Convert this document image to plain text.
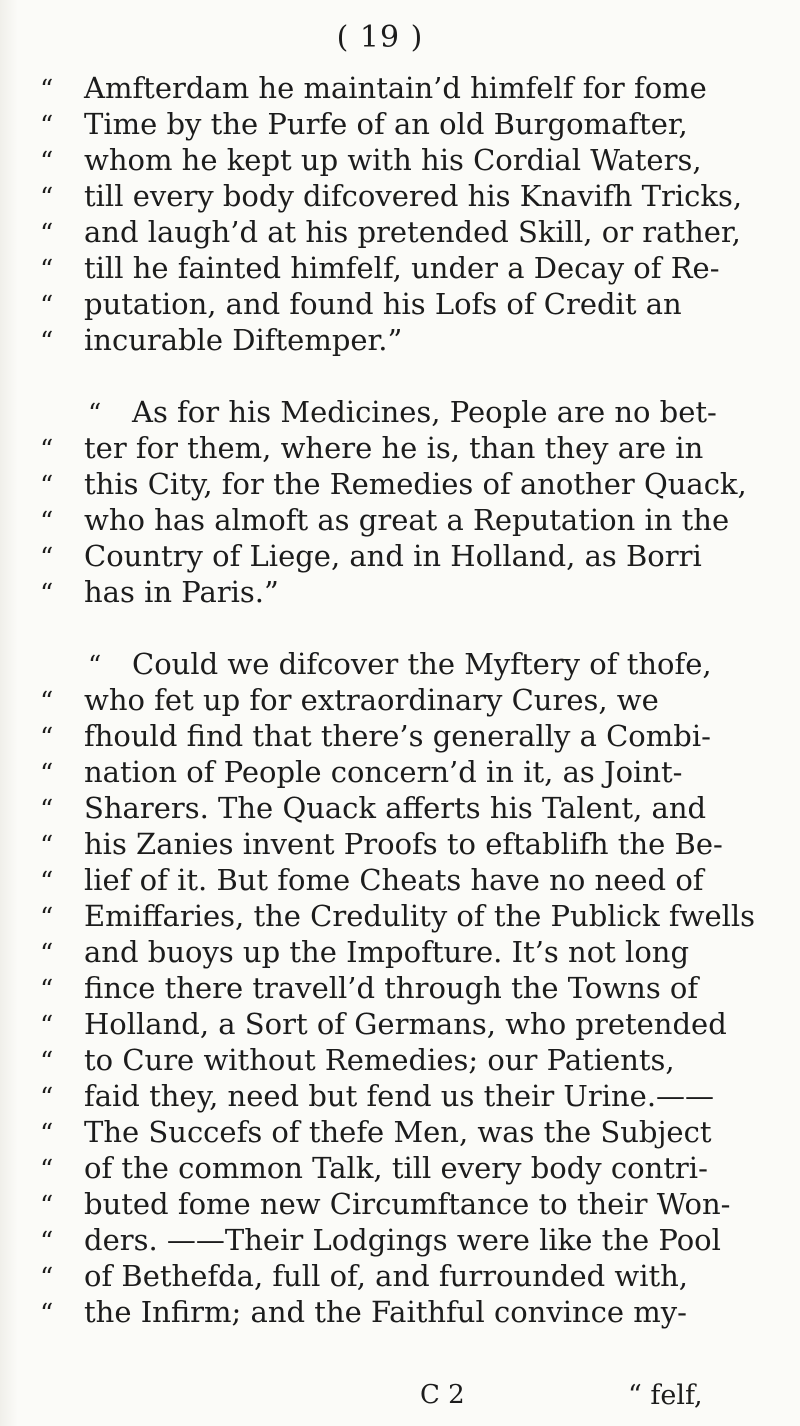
( 19 )
“ Amfterdam he maintain’d himfelf for fome
“ Time by the Purfe of an old Burgomafter,
“ whom he kept up with his Cordial Waters,
“ till every body difcovered his Knavifh Tricks,
“ and laugh’d at his pretended Skill, or rather,
“ till he fainted himfelf, under a Decay of Re-
“ putation, and found his Lofs of Credit an
“ incurable Diftemper.”
“ As for his Medicines, People are no bet-
“ ter for them, where he is, than they are in
“ this City, for the Remedies of another Quack,
“ who has almoft as great a Reputation in the
“ Country of Liege, and in Holland, as Borri
“ has in Paris.”
“ Could we difcover the Myftery of thofe,
“ who fet up for extraordinary Cures, we
“ fhould find that there’s generally a Combi-
“ nation of People concern’d in it, as Joint-
“ Sharers. The Quack afferts his Talent, and
“ his Zanies invent Proofs to eftablifh the Be-
“ lief of it. But fome Cheats have no need of
“ Emiffaries, the Credulity of the Publick fwells
“ and buoys up the Impofture. It’s not long
“ fince there travell’d through the Towns of
“ Holland, a Sort of Germans, who pretended
“ to Cure without Remedies; our Patients,
“ faid they, need but fend us their Urine.——
“ The Succefs of thefe Men, was the Subject
“ of the common Talk, till every body contri-
“ buted fome new Circumftance to their Won-
“ ders. ——Their Lodgings were like the Pool
“ of Bethefda, full of, and furrounded with,
“ the Infirm; and the Faithful convince my-
C 2	“ felf,
